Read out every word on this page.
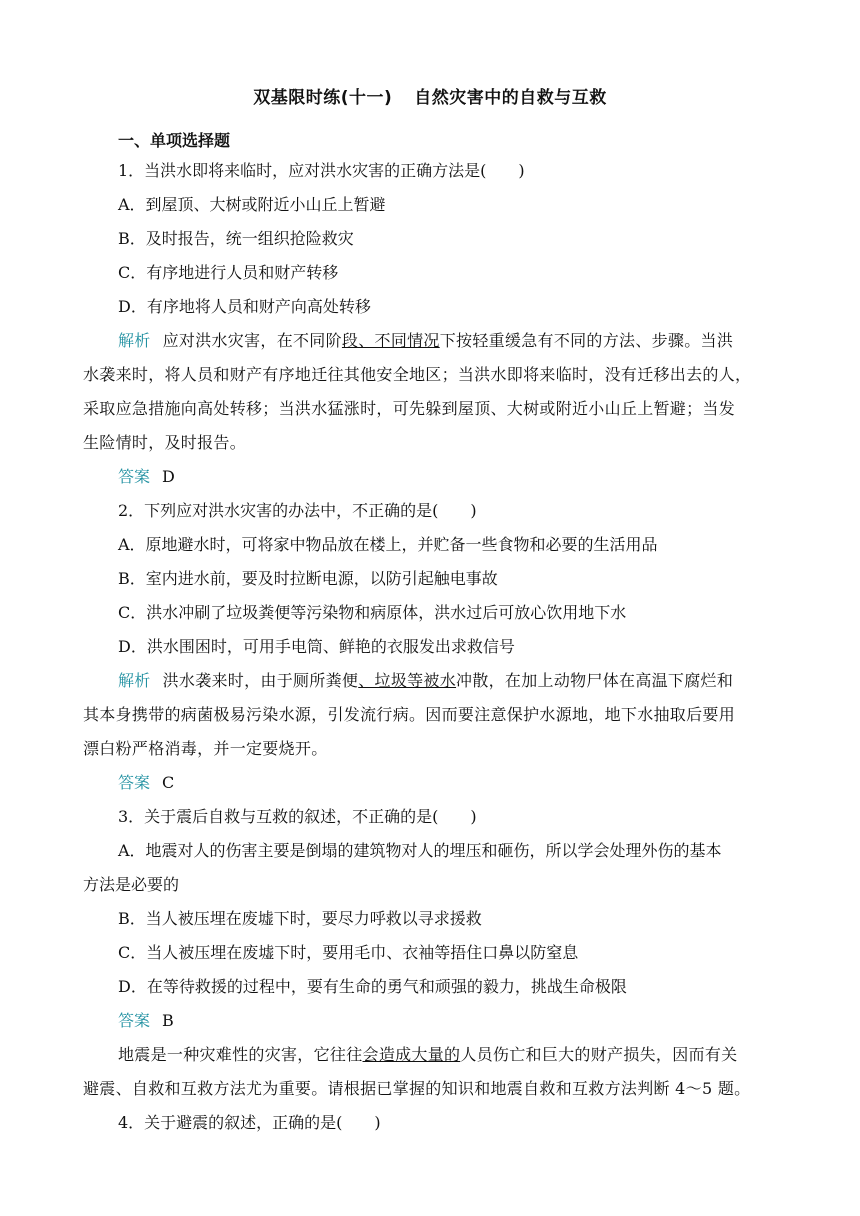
双基限时练(十一) 自然灾害中的自救与互救
一、单项选择题
1．当洪水即将来临时，应对洪水灾害的正确方法是(　　)
A．到屋顶、大树或附近小山丘上暂避
B．及时报告，统一组织抢险救灾
C．有序地进行人员和财产转移
D．有序地将人员和财产向高处转移
解析 应对洪水灾害，在不同阶段、不同情况下按轻重缓急有不同的方法、步骤。当洪
水袭来时，将人员和财产有序地迁往其他安全地区；当洪水即将来临时，没有迁移出去的人，
采取应急措施向高处转移；当洪水猛涨时，可先躲到屋顶、大树或附近小山丘上暂避；当发
生险情时，及时报告。
答案 D
2．下列应对洪水灾害的办法中，不正确的是(　　)
A．原地避水时，可将家中物品放在楼上，并贮备一些食物和必要的生活用品
B．室内进水前，要及时拉断电源，以防引起触电事故
C．洪水冲刷了垃圾粪便等污染物和病原体，洪水过后可放心饮用地下水
D．洪水围困时，可用手电筒、鲜艳的衣服发出求救信号
解析 洪水袭来时，由于厕所粪便、垃圾等被水冲散，在加上动物尸体在高温下腐烂和
其本身携带的病菌极易污染水源，引发流行病。因而要注意保护水源地，地下水抽取后要用
漂白粉严格消毒，并一定要烧开。
答案 C
3．关于震后自救与互救的叙述，不正确的是(　　)
A．地震对人的伤害主要是倒塌的建筑物对人的埋压和砸伤，所以学会处理外伤的基本
方法是必要的
B．当人被压埋在废墟下时，要尽力呼救以寻求援救
C．当人被压埋在废墟下时，要用毛巾、衣袖等捂住口鼻以防窒息
D．在等待救援的过程中，要有生命的勇气和顽强的毅力，挑战生命极限
答案 B
地震是一种灾难性的灾害，它往往会造成大量的人员伤亡和巨大的财产损失，因而有关
避震、自救和互救方法尤为重要。请根据已掌握的知识和地震自救和互救方法判断 4～5 题。
4．关于避震的叙述，正确的是(　　)
